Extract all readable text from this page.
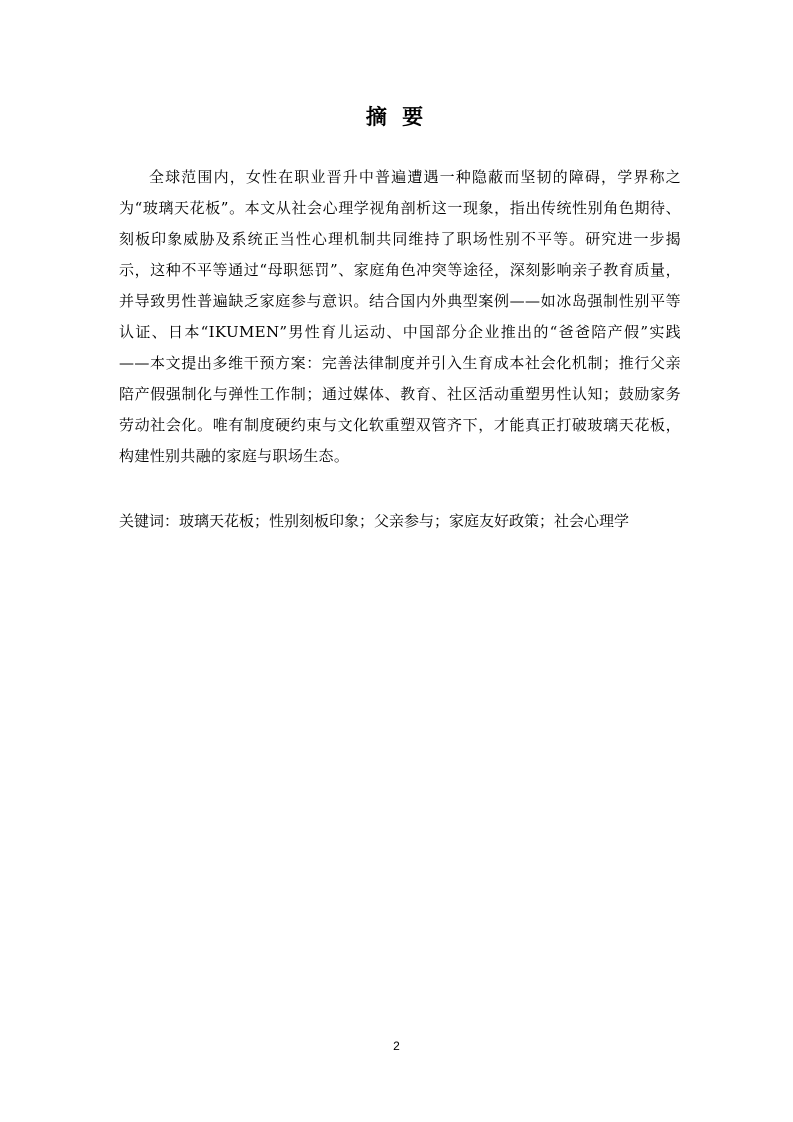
摘 要

全球范围内，女性在职业晋升中普遍遭遇一种隐蔽而坚韧的障碍，学界称之为“玻璃天花板”。本文从社会心理学视角剖析这一现象，指出传统性别角色期待、刻板印象威胁及系统正当性心理机制共同维持了职场性别不平等。研究进一步揭示，这种不平等通过“母职惩罚”、家庭角色冲突等途径，深刻影响亲子教育质量，并导致男性普遍缺乏家庭参与意识。结合国内外典型案例——如冰岛强制性别平等认证、日本“IKUMEN”男性育儿运动、中国部分企业推出的“爸爸陪产假”实践——本文提出多维干预方案：完善法律制度并引入生育成本社会化机制；推行父亲陪产假强制化与弹性工作制；通过媒体、教育、社区活动重塑男性认知；鼓励家务劳动社会化。唯有制度硬约束与文化软重塑双管齐下，才能真正打破玻璃天花板，构建性别共融的家庭与职场生态。

关键词：玻璃天花板；性别刻板印象；父亲参与；家庭友好政策；社会心理学

2
